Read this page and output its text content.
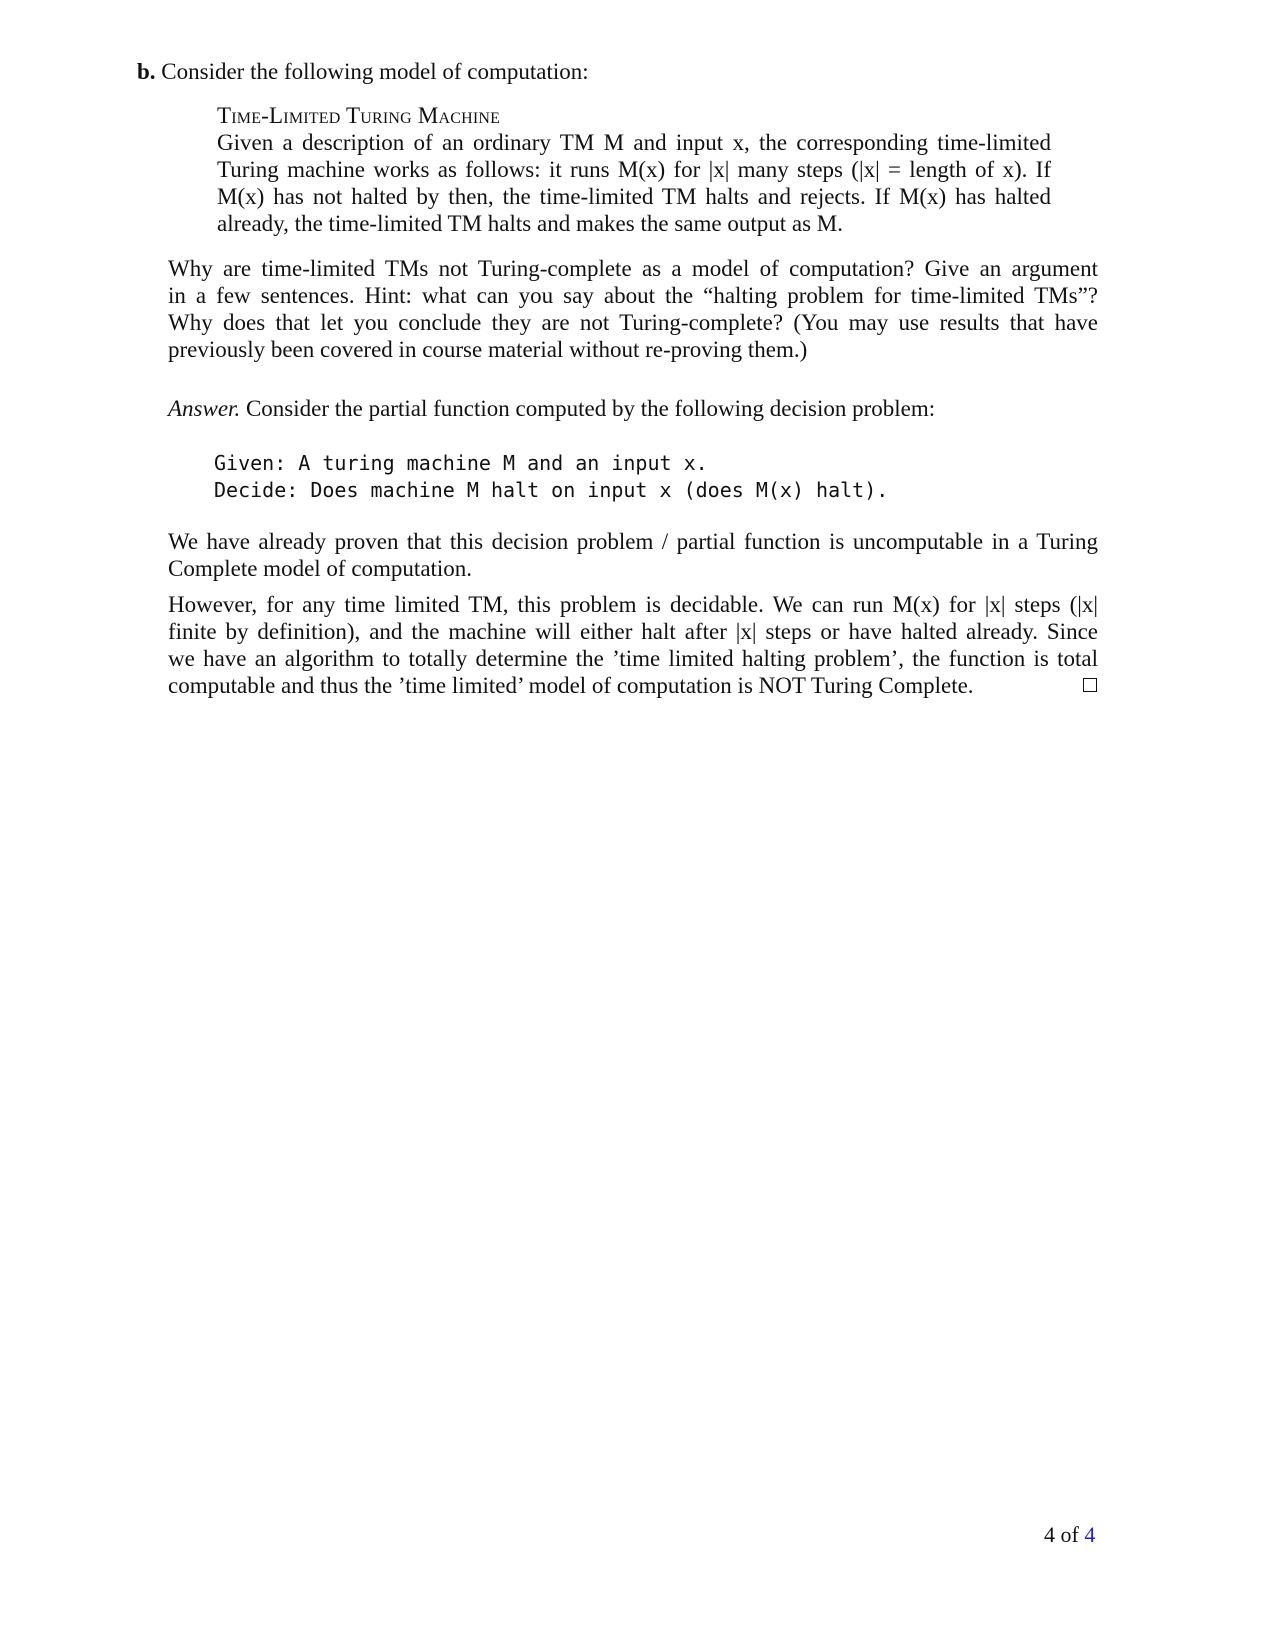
b. Consider the following model of computation:
Time-Limited Turing Machine
Given a description of an ordinary TM M and input x, the corresponding time-limited
Turing machine works as follows: it runs M(x) for |x| many steps (|x| = length of x). If
M(x) has not halted by then, the time-limited TM halts and rejects. If M(x) has halted
already, the time-limited TM halts and makes the same output as M.
Why are time-limited TMs not Turing-complete as a model of computation? Give an argument
in a few sentences. Hint: what can you say about the “halting problem for time-limited TMs”?
Why does that let you conclude they are not Turing-complete? (You may use results that have
previously been covered in course material without re-proving them.)
Answer. Consider the partial function computed by the following decision problem:
Given: A turing machine M and an input x.
Decide: Does machine M halt on input x (does M(x) halt).
We have already proven that this decision problem / partial function is uncomputable in a Turing
Complete model of computation.
However, for any time limited TM, this problem is decidable. We can run M(x) for |x| steps (|x|
finite by definition), and the machine will either halt after |x| steps or have halted already. Since
we have an algorithm to totally determine the ’time limited halting problem’, the function is total
computable and thus the ’time limited’ model of computation is NOT Turing Complete.
4 of 4
